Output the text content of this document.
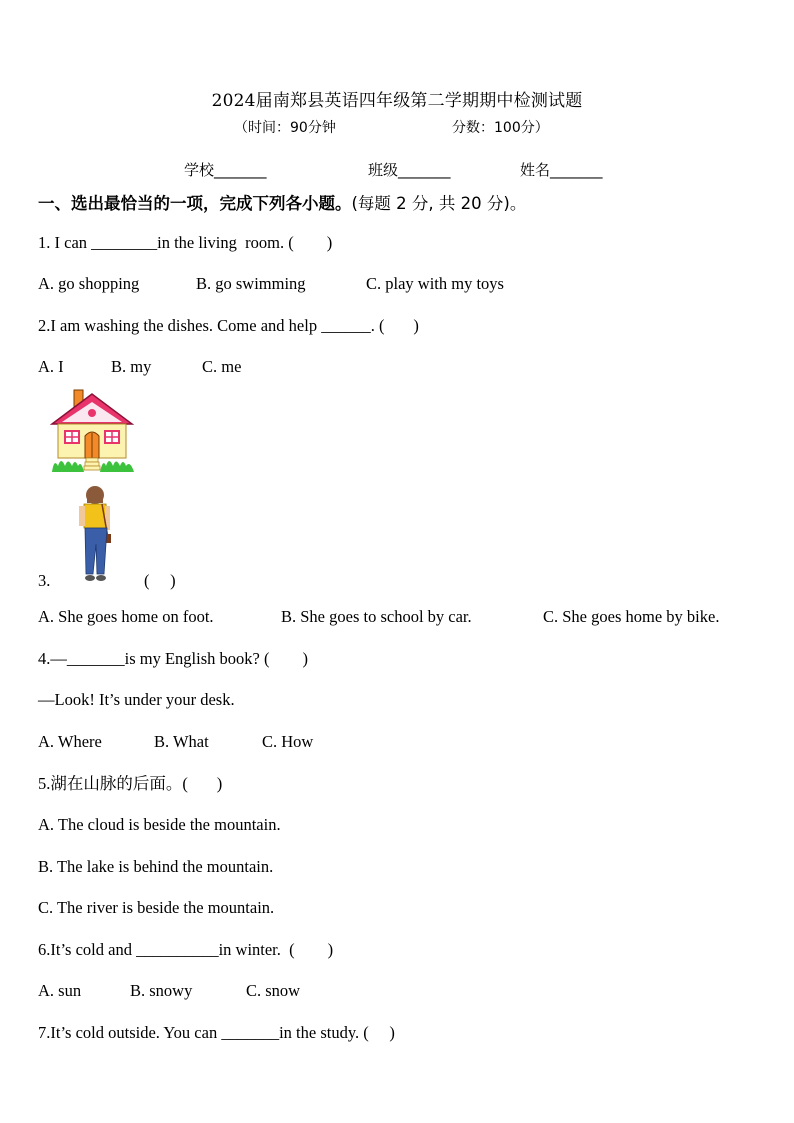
2024届南郑县英语四年级第二学期期中检测试题
（时间：90分钟	分数：100分）
学校_______	班级_______	姓名_______
一、选出最恰当的一项，完成下列各小题。(每题 2 分, 共 20 分)。
1. I can ________in the living  room. (        )
A. go shopping	B. go swimming	C. play with my toys
2.I am washing the dishes. Come and help ______. (       )
A. I	B. my	C. me
3.	(     )
A. She goes home on foot.	B. She goes to school by car.	C. She goes home by bike.
4.—_______is my English book? (        )
—Look! It’s under your desk.
A. Where	B. What	C. How
5.湖在山脉的后面。(       )
A. The cloud is beside the mountain.
B. The lake is behind the mountain.
C. The river is beside the mountain.
6.It’s cold and __________in winter.  (        )
A. sun	B. snowy	C. snow
7.It’s cold outside. You can _______in the study. (     )
